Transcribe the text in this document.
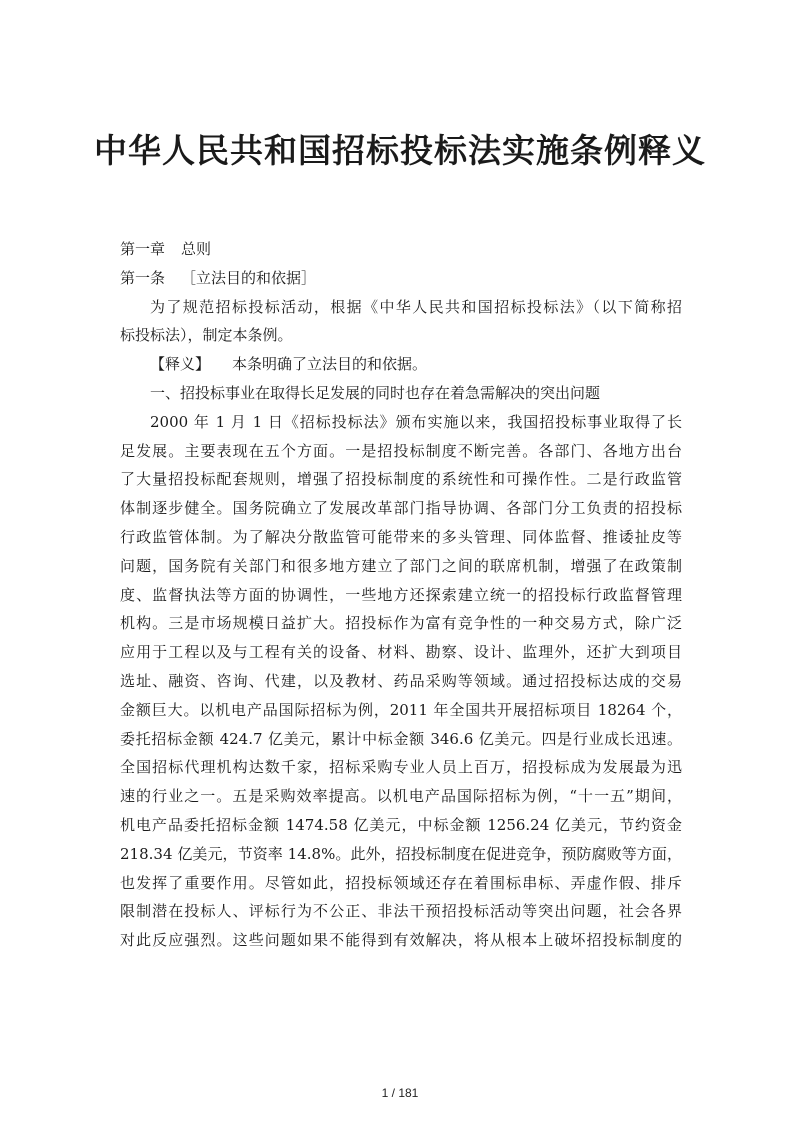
中华人民共和国招标投标法实施条例释义
第一章 总则
第一条 ［立法目的和依据］
为了规范招标投标活动，根据《中华人民共和国招标投标法》（以下简称招
标投标法），制定本条例。
【释义】 本条明确了立法目的和依据。
一、招投标事业在取得长足发展的同时也存在着急需解决的突出问题
2000 年 1 月 1 日《招标投标法》颁布实施以来，我国招投标事业取得了长
足发展。主要表现在五个方面。一是招投标制度不断完善。各部门、各地方出台
了大量招投标配套规则，增强了招投标制度的系统性和可操作性。二是行政监管
体制逐步健全。国务院确立了发展改革部门指导协调、各部门分工负责的招投标
行政监管体制。为了解决分散监管可能带来的多头管理、同体监督、推诿扯皮等
问题，国务院有关部门和很多地方建立了部门之间的联席机制，增强了在政策制
度、监督执法等方面的协调性，一些地方还探索建立统一的招投标行政监督管理
机构。三是市场规模日益扩大。招投标作为富有竞争性的一种交易方式，除广泛
应用于工程以及与工程有关的设备、材料、勘察、设计、监理外，还扩大到项目
选址、融资、咨询、代建，以及教材、药品采购等领域。通过招投标达成的交易
金额巨大。以机电产品国际招标为例，2011 年全国共开展招标项目 18264 个，
委托招标金额 424.7 亿美元，累计中标金额 346.6 亿美元。四是行业成长迅速。
全国招标代理机构达数千家，招标采购专业人员上百万，招投标成为发展最为迅
速的行业之一。五是采购效率提高。以机电产品国际招标为例，“十一五”期间，
机电产品委托招标金额 1474.58 亿美元，中标金额 1256.24 亿美元，节约资金
218.34 亿美元，节资率 14.8%。此外，招投标制度在促进竞争，预防腐败等方面，
也发挥了重要作用。尽管如此，招投标领域还存在着围标串标、弄虚作假、排斥
限制潜在投标人、评标行为不公正、非法干预招投标活动等突出问题，社会各界
对此反应强烈。这些问题如果不能得到有效解决，将从根本上破坏招投标制度的
1 / 181
